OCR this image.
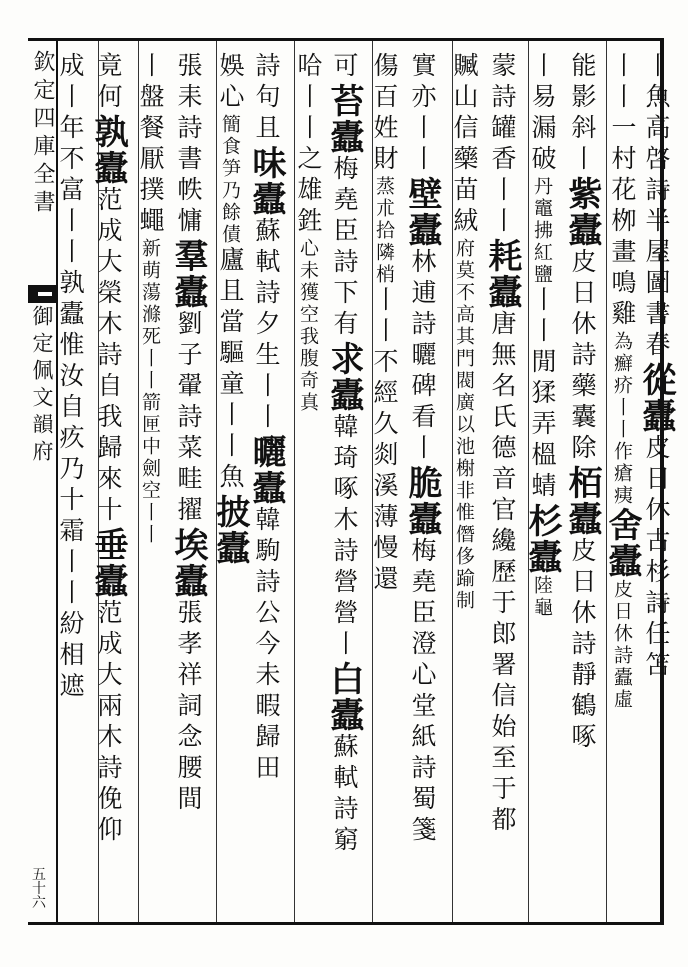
欽定四庫全書
御定佩文韻府
五十六
丨魚高啓詩半屋圖書春從蠹皮日休古杉詩任笘
丨丨一村花栁畫鳴雞為癬疥丨丨作瘡痍舍蠹皮日休詩蠹虛
能影斜丨紫蠹皮日休詩藥囊除栢蠹皮日休詩靜鶴啄
丨易漏破丹竈拂紅鹽丨丨閒猱弄榲蜻杉蠹陸龜
蒙詩罐香丨丨耗蠹唐無名氏德音官纔歷于郎署信始至于都
贓山信藥苗絨府莫不高其門閥廣以池榭非惟僭侈踰制
實亦丨丨壁蠹林逋詩曬碑看丨脆蠹梅堯臣澄心堂紙詩蜀箋
傷百姓財蒸朮拾隣梢丨丨不經久剡溪薄慢還
可苔蠹梅堯臣詩下有求蠹韓琦啄木詩營營丨白蠹蘇軾詩窮
哈丨丨之雄鉎心未獲空我腹奇真
詩句且味蠹蘇軾詩夕生丨丨曬蠹韓駒詩公今未暇歸田
娛心簡食笋乃餘債廬且當驅童丨丨魚披蠹
張耒詩書帙慵羣蠹劉子翬詩菜畦擢埃蠹張孝祥詞念腰間
丨盤餐厭撲蠅新萌蕩滌死丨丨箭匣中劍空丨丨
竟何孰蠹范成大榮木詩自我歸來十垂蠹范成大兩木詩俛仰
成丨年不富丨丨孰蠹惟汝自疚乃十霜丨丨紛相遮
